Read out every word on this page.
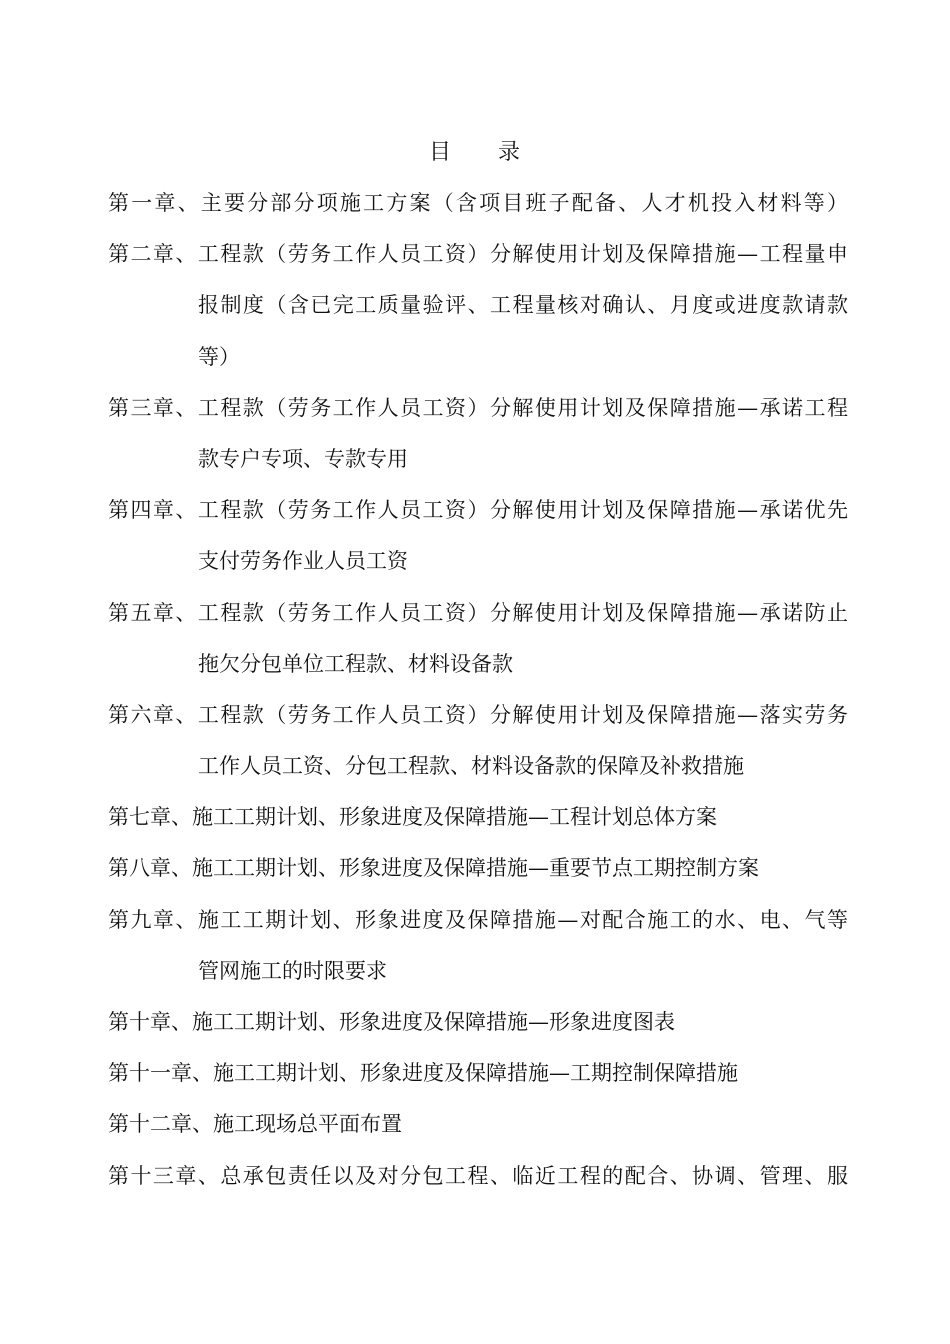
目　　录
第一章、主要分部分项施工方案（含项目班子配备、人才机投入材料等）
第二章、工程款（劳务工作人员工资）分解使用计划及保障措施—工程量申
报制度（含已完工质量验评、工程量核对确认、月度或进度款请款
等）
第三章、工程款（劳务工作人员工资）分解使用计划及保障措施—承诺工程
款专户专项、专款专用
第四章、工程款（劳务工作人员工资）分解使用计划及保障措施—承诺优先
支付劳务作业人员工资
第五章、工程款（劳务工作人员工资）分解使用计划及保障措施—承诺防止
拖欠分包单位工程款、材料设备款
第六章、工程款（劳务工作人员工资）分解使用计划及保障措施—落实劳务
工作人员工资、分包工程款、材料设备款的保障及补救措施
第七章、施工工期计划、形象进度及保障措施—工程计划总体方案
第八章、施工工期计划、形象进度及保障措施—重要节点工期控制方案
第九章、施工工期计划、形象进度及保障措施—对配合施工的水、电、气等
管网施工的时限要求
第十章、施工工期计划、形象进度及保障措施—形象进度图表
第十一章、施工工期计划、形象进度及保障措施—工期控制保障措施
第十二章、施工现场总平面布置
第十三章、总承包责任以及对分包工程、临近工程的配合、协调、管理、服
